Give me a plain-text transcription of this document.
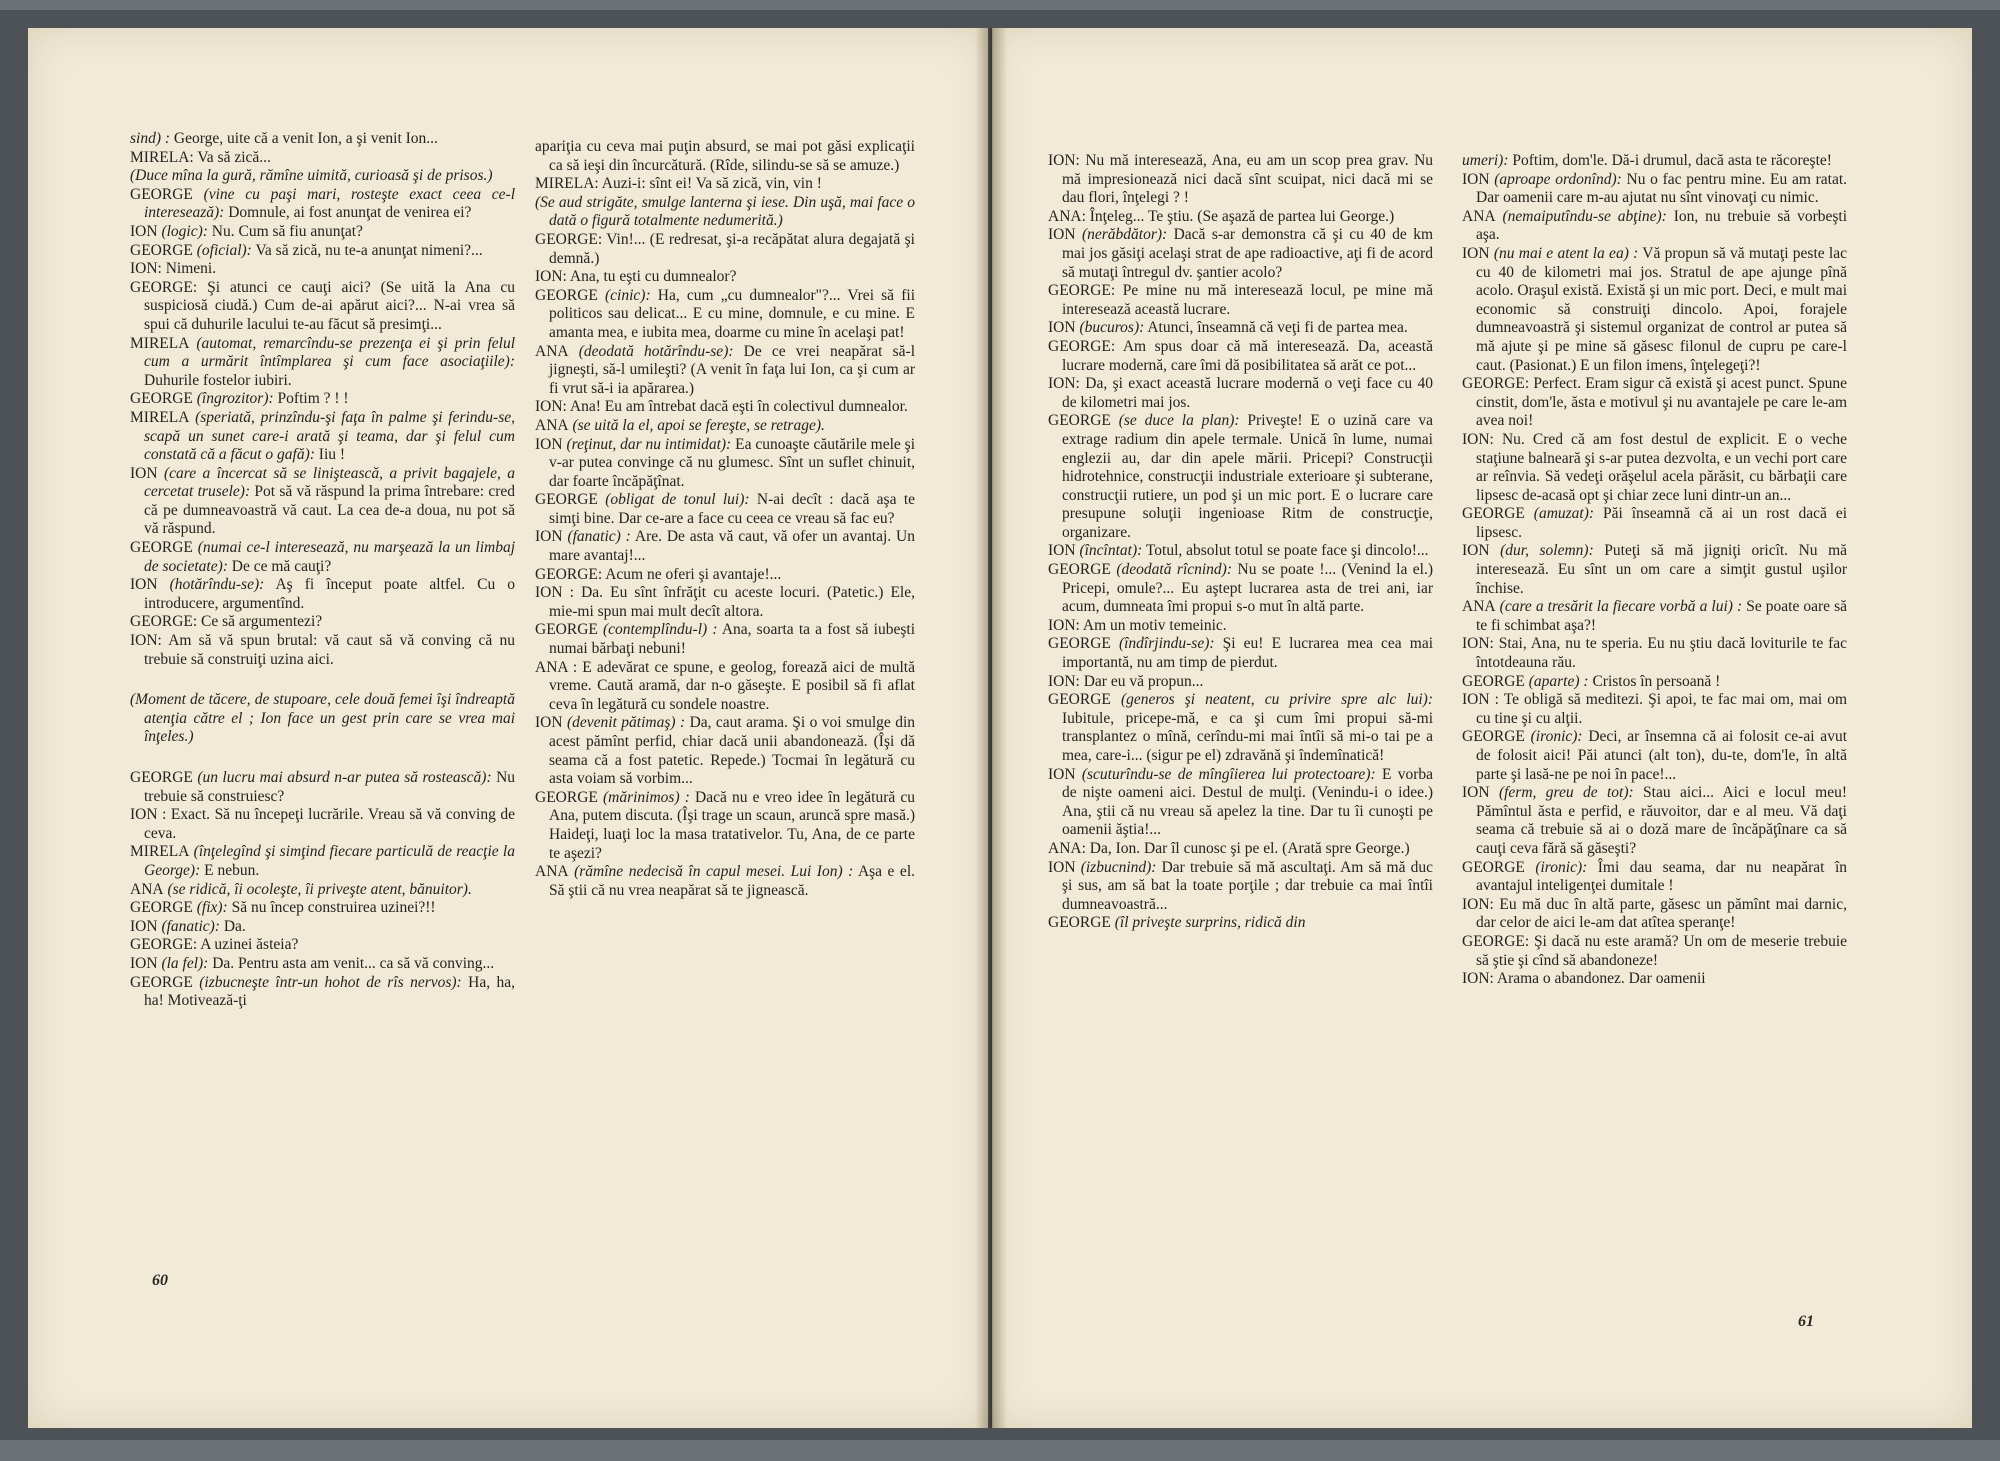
sind) : George, uite că a venit Ion, a şi venit Ion...

MIRELA: Va să zică...

(Duce mîna la gură, rămîne uimită, curioasă şi de prisos.)

GEORGE (vine cu paşi mari, rosteşte exact ceea ce-l interesează): Domnule, ai fost anunţat de venirea ei?

ION (logic): Nu. Cum să fiu anunţat?

GEORGE (oficial): Va să zică, nu te-a anunţat nimeni?...

ION: Nimeni.

GEORGE: Şi atunci ce cauţi aici? (Se uită la Ana cu suspiciosă ciudă.) Cum de-ai apărut aici?... N-ai vrea să spui că duhurile lacului te-au făcut să presimţi...

MIRELA (automat, remarcîndu-se prezenţa ei şi prin felul cum a urmărit întîmplarea şi cum face asociaţiile): Duhurile fostelor iubiri.

GEORGE (îngrozitor): Poftim ? ! !

MIRELA (speriată, prinzîndu-şi faţa în palme şi ferindu-se, scapă un sunet care-i arată şi teama, dar şi felul cum constată că a făcut o gafă): Iiu !

ION (care a încercat să se liniştească, a privit bagajele, a cercetat truselе): Pot să vă răspund la prima întrebare: cred că pe dumneavoastră vă caut. La cea de-a doua, nu pot să vă răspund.

GEORGE (numai ce-l interesează, nu marşează la un limbaj de societate): De ce mă cauţi?

ION (hotărîndu-se): Aş fi început poate altfel. Cu o introducere, argumentînd.

GEORGE: Ce să argumentezi?

ION: Am să vă spun brutal: vă caut să vă conving că nu trebuie să construiţi uzina aici.

(Moment de tăcere, de stupoare, cele două femei îşi îndreaptă atenţia către el ; Ion face un gest prin care se vrea mai înţeles.)

GEORGE (un lucru mai absurd n-ar putea să rostească): Nu trebuie să construiesc?

ION : Exact. Să nu începeţi lucrările. Vreau să vă conving de ceva.

MIRELA (înţelegînd şi simţind fiecare particulă de reacţie la George): E nebun.

ANA (se ridică, îi ocoleşte, îi priveşte atent, bănuitor).

GEORGE (fix): Să nu încep construirea uzinei?!!

ION (fanatic): Da.

GEORGE: A uzinei ăsteia?

ION (la fel): Da. Pentru asta am venit... ca să vă conving...

GEORGE (izbucneşte într-un hohot de rîs nervos): Ha, ha, ha! Motivează-ţi

apariţia cu ceva mai puţin absurd, se mai pot găsi explicaţii ca să ieşi din încurcătură. (Rîde, silindu-se să se amuze.)

MIRELA: Auzi-i: sînt ei! Va să zică, vin, vin !

(Se aud strigăte, smulge lanterna şi iese. Din uşă, mai face o dată o figură totalmente nedumerită.)

GEORGE: Vin!... (E redresat, şi-a recăpătat alura degajată şi demnă.)

ION: Ana, tu eşti cu dumnealor?

GEORGE (cinic): Ha, cum „cu dumnealor"?... Vrei să fii politicos sau delicat... E cu mine, domnule, e cu mine. E amanta mea, e iubita mea, doarme cu mine în acelaşi pat!

ANA (deodată hotărîndu-se): De ce vrei neapărat să-l jigneşti, să-l umileşti? (A venit în faţa lui Ion, ca şi cum ar fi vrut să-i ia apărarea.)

ION: Ana! Eu am întrebat dacă eşti în colectivul dumnealor.

ANA (se uită la el, apoi se fereşte, se retrage).

ION (reţinut, dar nu intimidat): Ea cunoaşte căutările mele şi v-ar putea convinge că nu glumesc. Sînt un suflet chinuit, dar foarte încăpăţînat.

GEORGE (obligat de tonul lui): N-ai decît : dacă aşa te simţi bine. Dar ce-are a face cu ceea ce vreau să fac eu?

ION (fanatic) : Are. De asta vă caut, vă ofer un avantaj. Un mare avantaj!...

GEORGE: Acum ne oferi şi avantaje!...

ION : Da. Eu sînt înfrăţit cu aceste locuri. (Patetic.) Ele, mie-mi spun mai mult decît altora.

GEORGE (contemplîndu-l) : Ana, soarta ta a fost să iubeşti numai bărbaţi nebuni!

ANA : E adevărat ce spune, e geolog, forează aici de multă vreme. Caută aramă, dar n-o găseşte. E posibil să fi aflat ceva în legătură cu sondele noastre.

ION (devenit pătimaş) : Da, caut arama. Şi o voi smulge din acest pămînt perfid, chiar dacă unii abandonează. (Îşi dă seama că a fost patetic. Repede.) Tocmai în legătură cu asta voiam să vorbim...

GEORGE (mărinimos) : Dacă nu e vreo idee în legătură cu Ana, putem discuta. (Îşi trage un scaun, aruncă spre masă.) Haideţi, luaţi loc la masa tratativelor. Tu, Ana, de ce parte te aşezi?

ANA (rămîne nedecisă în capul mesei. Lui Ion) : Aşa e el. Să ştii că nu vrea neapărat să te jignească.

ION: Nu mă interesează, Ana, eu am un scop prea grav. Nu mă impresionează nici dacă sînt scuipat, nici dacă mi se dau flori, înţelegi ? !

ANA: Înţeleg... Te ştiu. (Se aşază de partea lui George.)

ION (nerăbdător): Dacă s-ar demonstra că şi cu 40 de km mai jos găsiţi acelaşi strat de ape radioactive, aţi fi de acord să mutaţi întregul dv. şantier acolo?

GEORGE: Pe mine nu mă interesează locul, pe mine mă interesează această lucrare.

ION (bucuros): Atunci, înseamnă că veţi fi de partea mea.

GEORGE: Am spus doar că mă interesează. Da, această lucrare modernă, care îmi dă posibilitatea să arăt ce pot...

ION: Da, şi exact această lucrare modernă o veţi face cu 40 de kilometri mai jos.

GEORGE (se duce la plan): Priveşte! E o uzină care va extrage radium din apele termale. Unică în lume, numai englezii au, dar din apele mării. Pricepi? Construcţii hidrotehnice, construcţii industriale exterioare şi subterane, construcţii rutiere, un pod şi un mic port. E o lucrare care presupune soluţii ingenioase Ritm de construcţie, organizare.

ION (încîntat): Totul, absolut totul se poate face şi dincolo!...

GEORGE (deodată rîcnind): Nu se poate !... (Venind la el.) Pricepi, omule?... Eu aştept lucrarea asta de trei ani, iar acum, dumneata îmi propui s-o mut în altă parte.

ION: Am un motiv temeinic.

GEORGE (îndîrjindu-se): Şi eu! E lucrarea mea cea mai importantă, nu am timp de pierdut.

ION: Dar eu vă propun...

GEORGE (generos şi neatent, cu privire spre alc lui): Iubitule, pricepe-mă, e ca şi cum îmi propui să-mi transplantez o mînă, cerîndu-mi mai întîi să mi-o tai pe a mea, care-i... (sigur pe el) zdravănă şi îndemînatică!

ION (scuturîndu-se de mîngîierea lui protectoare): E vorba de nişte oameni aici. Destul de mulţi. (Venindu-i o idee.) Ana, ştii că nu vreau să apelez la tine. Dar tu îi cunoşti pe oamenii ăştia!...

ANA: Da, Ion. Dar îl cunosc şi pe el. (Arată spre George.)

ION (izbucnind): Dar trebuie să mă ascultaţi. Am să mă duc şi sus, am să bat la toate porţile ; dar trebuie ca mai întîi dumneavoastră...

GEORGE (îl priveşte surprins, ridică din

umeri): Poftim, dom'le. Dă-i drumul, dacă asta te răcoreşte!

ION (aproape ordonînd): Nu o fac pentru mine. Eu am ratat. Dar oamenii care m-au ajutat nu sînt vinovaţi cu nimic.

ANA (nemaiputîndu-se abţine): Ion, nu trebuie să vorbeşti aşa.

ION (nu mai e atent la ea) : Vă propun să vă mutaţi peste lac cu 40 de kilometri mai jos. Stratul de ape ajunge pînă acolo. Oraşul există. Există şi un mic port. Deci, e mult mai economic să construiţi dincolo. Apoi, forajele dumneavoastră şi sistemul organizat de control ar putea să mă ajute şi pe mine să găsesc filonul de cupru pe care-l caut. (Pasionat.) E un filon imens, înţelegeţi?!

GEORGE: Perfect. Eram sigur că există şi acest punct. Spune cinstit, dom'le, ăsta e motivul şi nu avantajele pe care le-am avea noi!

ION: Nu. Cred că am fost destul de explicit. E o veche staţiune balneară şi s-ar putea dezvolta, e un vechi port care ar reînvia. Să vedeţi orăşelul acela părăsit, cu bărbaţii care lipsesc de-acasă opt şi chiar zece luni dintr-un an...

GEORGE (amuzat): Păi înseamnă că ai un rost dacă ei lipsesc.

ION (dur, solemn): Puteţi să mă jigniţi oricît. Nu mă interesează. Eu sînt un om care a simţit gustul uşilor închise.

ANA (care a tresărit la fiecare vorbă a lui) : Se poate oare să te fi schimbat aşa?!

ION: Stai, Ana, nu te speria. Eu nu ştiu dacă loviturile te fac întotdeauna rău.

GEORGE (aparte) : Cristos în persoană !

ION : Te obligă să meditezi. Şi apoi, te fac mai om, mai om cu tine şi cu alţii.

GEORGE (ironic): Deci, ar însemna că ai folosit ce-ai avut de folosit aici! Păi atunci (alt ton), du-te, dom'le, în altă parte şi lasă-ne pe noi în pace!...

ION (ferm, greu de tot): Stau aici... Aici e locul meu! Pămîntul ăsta e perfid, e răuvoitor, dar e al meu. Vă daţi seama că trebuie să ai o doză mare de încăpăţînare ca să cauţi ceva fără să găseşti?

GEORGE (ironic): Îmi dau seama, dar nu neapărat în avantajul inteligenţei dumitale !

ION: Eu mă duc în altă parte, găsesc un pămînt mai darnic, dar celor de aici le-am dat atîtea speranţe!

GEORGE: Şi dacă nu este aramă? Un om de meserie trebuie să ştie şi cînd să abandoneze!

ION: Arama o abandonez. Dar oamenii

60
61
